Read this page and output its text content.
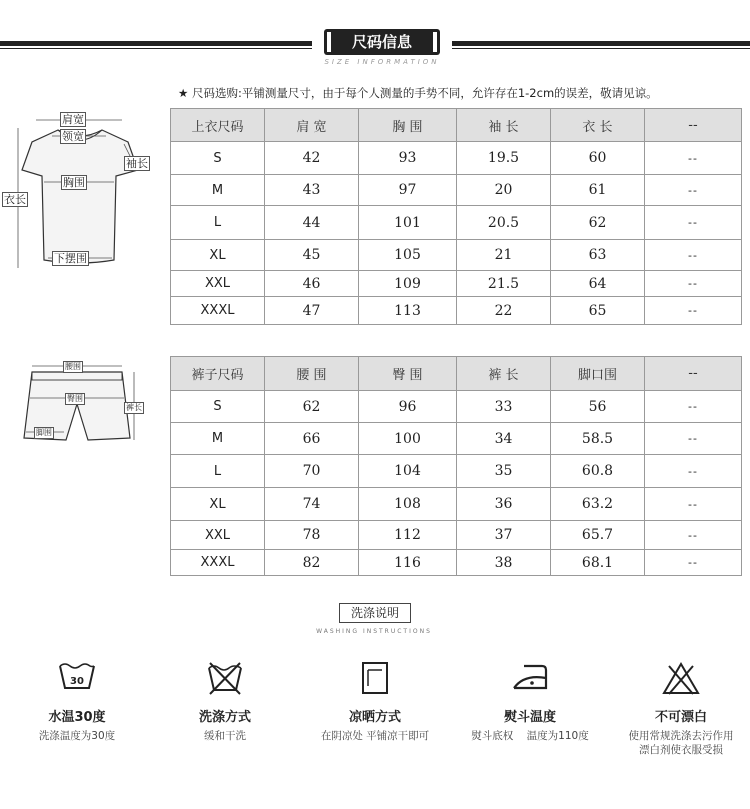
尺码信息
SIZE INFORMATION
★ 尺码选购:平铺测量尺寸，由于每个人测量的手势不同，允许存在1-2cm的误差，敬请见谅。
肩宽
领宽
袖长
胸围
衣长
下摆围
上衣尺码	肩 宽	胸 围	袖 长	衣 长	--
S	42	93	19.5	60	--
M	43	97	20	61	--
L	44	101	20.5	62	--
XL	45	105	21	63	--
XXL	46	109	21.5	64	--
XXXL	47	113	22	65	--
腰围
臀围
裤长
脚围
裤子尺码	腰 围	臀 围	裤 长	脚口围	--
S	62	96	33	56	--
M	66	100	34	58.5	--
L	70	104	35	60.8	--
XL	74	108	36	63.2	--
XXL	78	112	37	65.7	--
XXXL	82	116	38	68.1	--
洗涤说明
WASHING INSTRUCTIONS
30
水温30度
洗涤温度为30度
洗涤方式
缓和干洗
凉晒方式
在阴凉处 平铺凉干即可
熨斗温度
熨斗底权    温度为110度
不可漂白
使用常规洗涤去污作用
漂白剂使衣服受损
